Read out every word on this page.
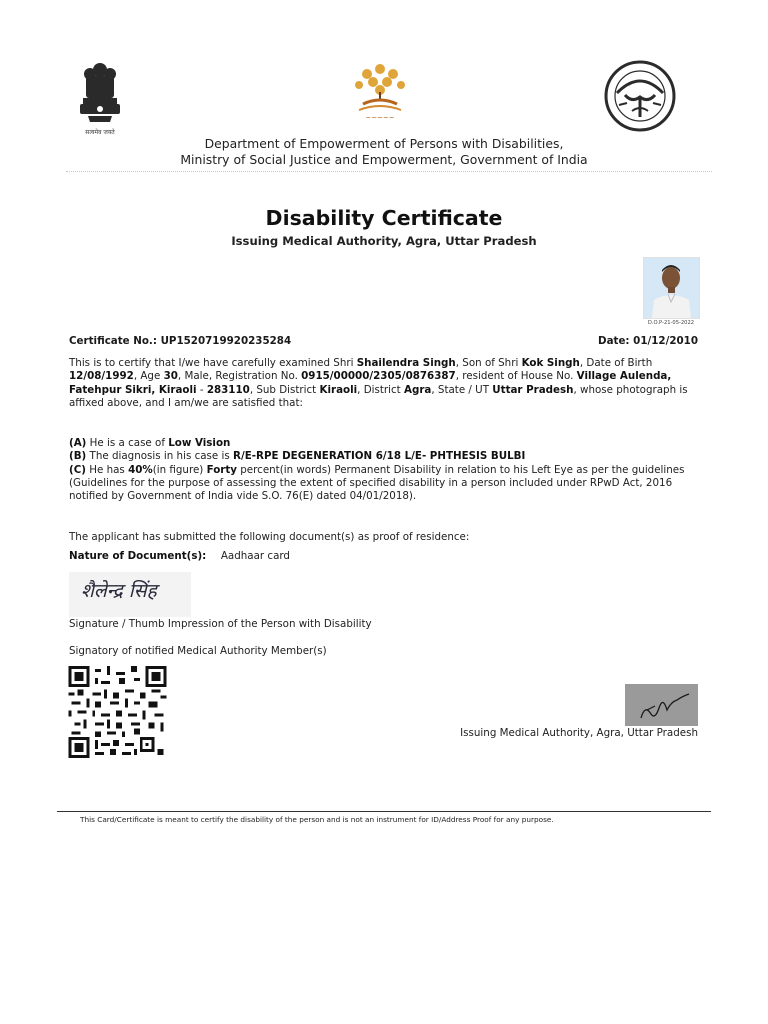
सत्यमेव जयते
~~~~~
Department of Empowerment of Persons with Disabilities,
Ministry of Social Justice and Empowerment, Government of India
Disability Certificate
Issuing Medical Authority, Agra, Uttar Pradesh
D.O.P-21-05-2022
Certificate No.: UP1520719920235284	Date: 01/12/2010
This is to certify that I/we have carefully examined Shri Shailendra Singh, Son of Shri Kok Singh, Date of Birth 12/08/1992, Age 30, Male, Registration No. 0915/00000/2305/0876387, resident of House No. Village Aulenda, Fatehpur Sikri, Kiraoli - 283110, Sub District Kiraoli, District Agra, State / UT Uttar Pradesh, whose photograph is affixed above, and I am/we are satisfied that:
(A) He is a case of Low Vision
(B) The diagnosis in his case is R/E-RPE DEGENERATION 6/18 L/E- PHTHESIS BULBI
(C) He has 40%(in figure) Forty percent(in words) Permanent Disability in relation to his Left Eye as per the guidelines (Guidelines for the purpose of assessing the extent of specified disability in a person included under RPwD Act, 2016 notified by Government of India vide S.O. 76(E) dated 04/01/2018).
The applicant has submitted the following document(s) as proof of residence:
Nature of Document(s): Aadhaar card
शैलेन्द्र सिंह
Signature / Thumb Impression of the Person with Disability
Signatory of notified Medical Authority Member(s)
Issuing Medical Authority, Agra, Uttar Pradesh
This Card/Certificate is meant to certify the disability of the person and is not an instrument for ID/Address Proof for any purpose.
